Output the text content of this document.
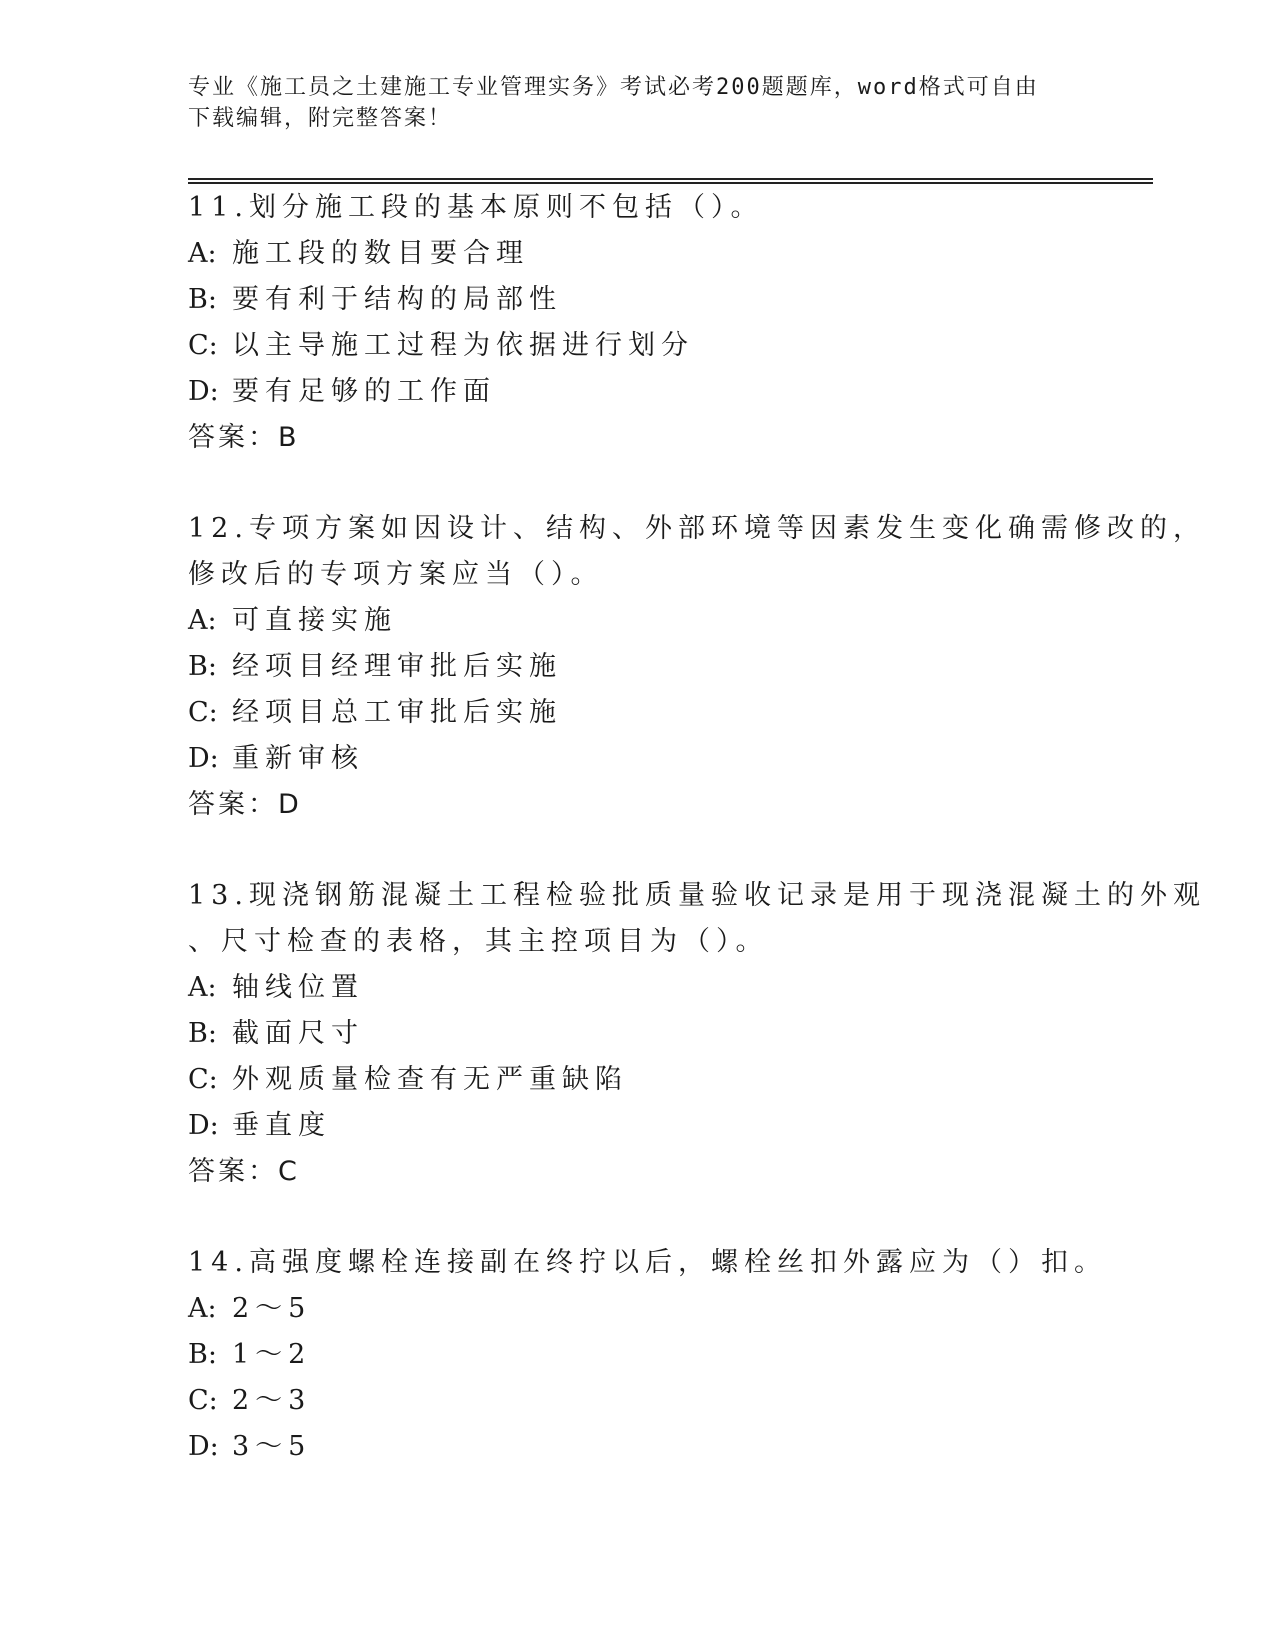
专业《施工员之土建施工专业管理实务》考试必考200题题库，word格式可自由
下载编辑，附完整答案！
11.划分施工段的基本原则不包括（）。
A: 施工段的数目要合理
B: 要有利于结构的局部性
C: 以主导施工过程为依据进行划分
D: 要有足够的工作面
答案：B
12.专项方案如因设计、结构、外部环境等因素发生变化确需修改的，
修改后的专项方案应当（）。
A: 可直接实施
B: 经项目经理审批后实施
C: 经项目总工审批后实施
D: 重新审核
答案：D
13.现浇钢筋混凝土工程检验批质量验收记录是用于现浇混凝土的外观
、尺寸检查的表格，其主控项目为（）。
A: 轴线位置
B: 截面尺寸
C: 外观质量检查有无严重缺陷
D: 垂直度
答案：C
14.高强度螺栓连接副在终拧以后，螺栓丝扣外露应为（）扣。
A: 2～5
B: 1～2
C: 2～3
D: 3～5
